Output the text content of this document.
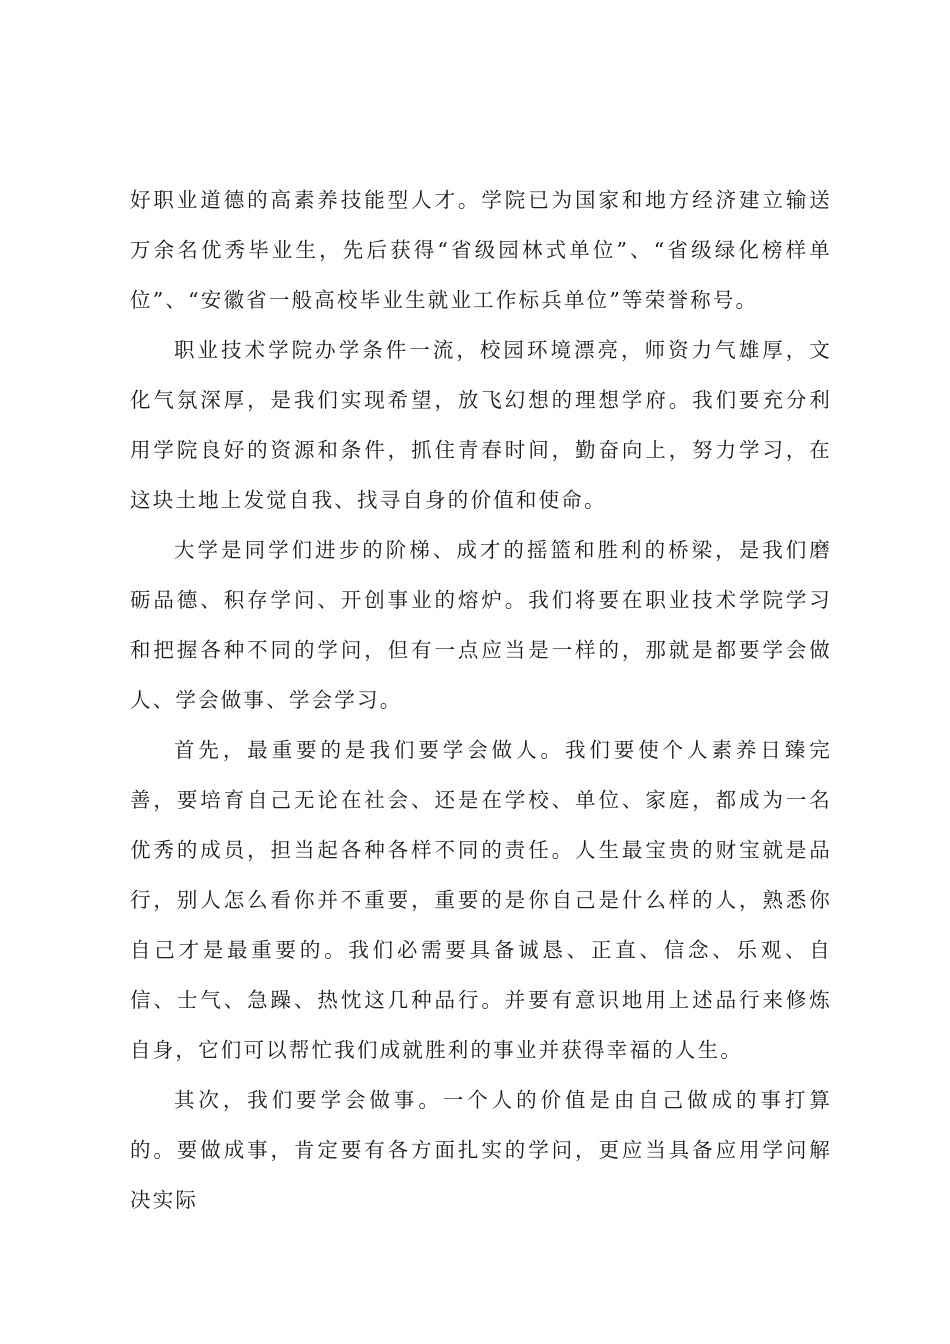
好职业道德的高素养技能型人才。学院已为国家和地方经济建立输送万余名优秀毕业生，先后获得“省级园林式单位”、“省级绿化榜样单位”、“安徽省一般高校毕业生就业工作标兵单位”等荣誉称号。

职业技术学院办学条件一流，校园环境漂亮，师资力气雄厚，文化气氛深厚，是我们实现希望，放飞幻想的理想学府。我们要充分利用学院良好的资源和条件，抓住青春时间，勤奋向上，努力学习，在这块土地上发觉自我、找寻自身的价值和使命。

大学是同学们进步的阶梯、成才的摇篮和胜利的桥梁，是我们磨砺品德、积存学问、开创事业的熔炉。我们将要在职业技术学院学习和把握各种不同的学问，但有一点应当是一样的，那就是都要学会做人、学会做事、学会学习。

首先，最重要的是我们要学会做人。我们要使个人素养日臻完善，要培育自己无论在社会、还是在学校、单位、家庭，都成为一名优秀的成员，担当起各种各样不同的责任。人生最宝贵的财宝就是品行，别人怎么看你并不重要，重要的是你自己是什么样的人，熟悉你自己才是最重要的。我们必需要具备诚恳、正直、信念、乐观、自信、士气、急躁、热忱这几种品行。并要有意识地用上述品行来修炼自身，它们可以帮忙我们成就胜利的事业并获得幸福的人生。

其次，我们要学会做事。一个人的价值是由自己做成的事打算的。要做成事，肯定要有各方面扎实的学问，更应当具备应用学问解决实际
